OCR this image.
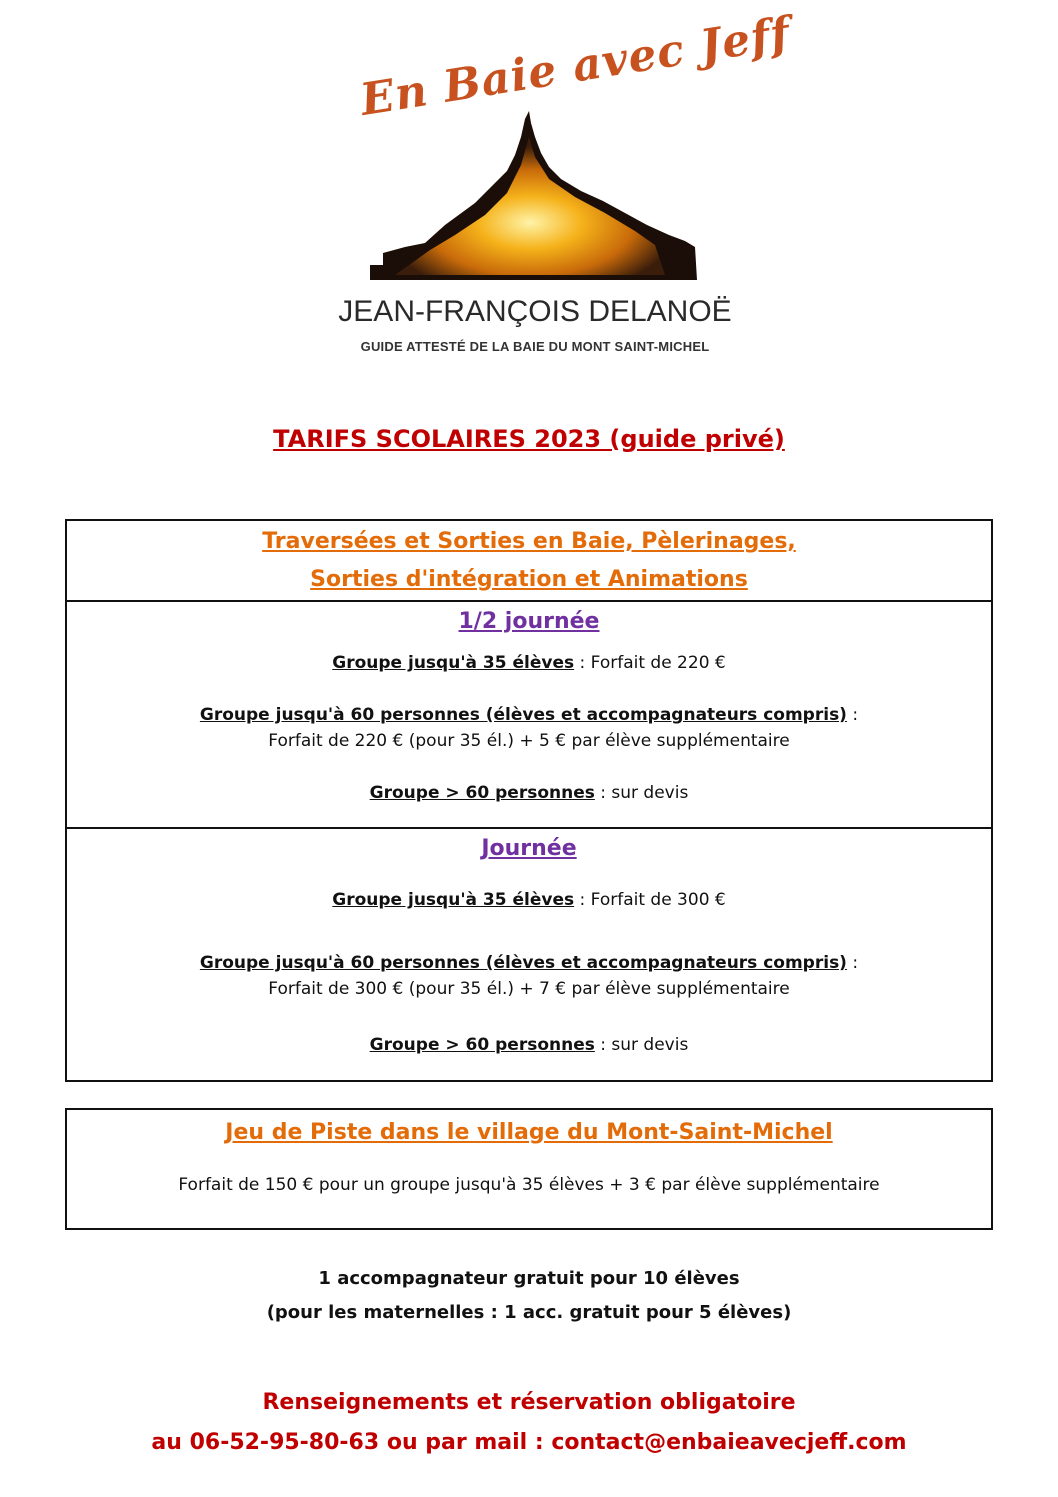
En Baie avec Jeff
JEAN-FRANÇOIS DELANOË
GUIDE ATTESTÉ DE LA BAIE DU MONT SAINT-MICHEL
TARIFS SCOLAIRES 2023 (guide privé)
Traversées et Sorties en Baie, Pèlerinages,
Sorties d'intégration et Animations
1/2 journée
Groupe jusqu'à 35 élèves : Forfait de 220 €
Groupe jusqu'à 60 personnes (élèves et accompagnateurs compris) :
Forfait de 220 € (pour 35 él.) + 5 € par élève supplémentaire
Groupe > 60 personnes : sur devis
Journée
Groupe jusqu'à 35 élèves : Forfait de 300 €
Groupe jusqu'à 60 personnes (élèves et accompagnateurs compris) :
Forfait de 300 € (pour 35 él.) + 7 € par élève supplémentaire
Groupe > 60 personnes : sur devis
Jeu de Piste dans le village du Mont-Saint-Michel
Forfait de 150 € pour un groupe jusqu'à 35 élèves + 3 € par élève supplémentaire
1 accompagnateur gratuit pour 10 élèves
(pour les maternelles : 1 acc. gratuit pour 5 élèves)
Renseignements et réservation obligatoire
au 06-52-95-80-63 ou par mail : contact@enbaieavecjeff.com
